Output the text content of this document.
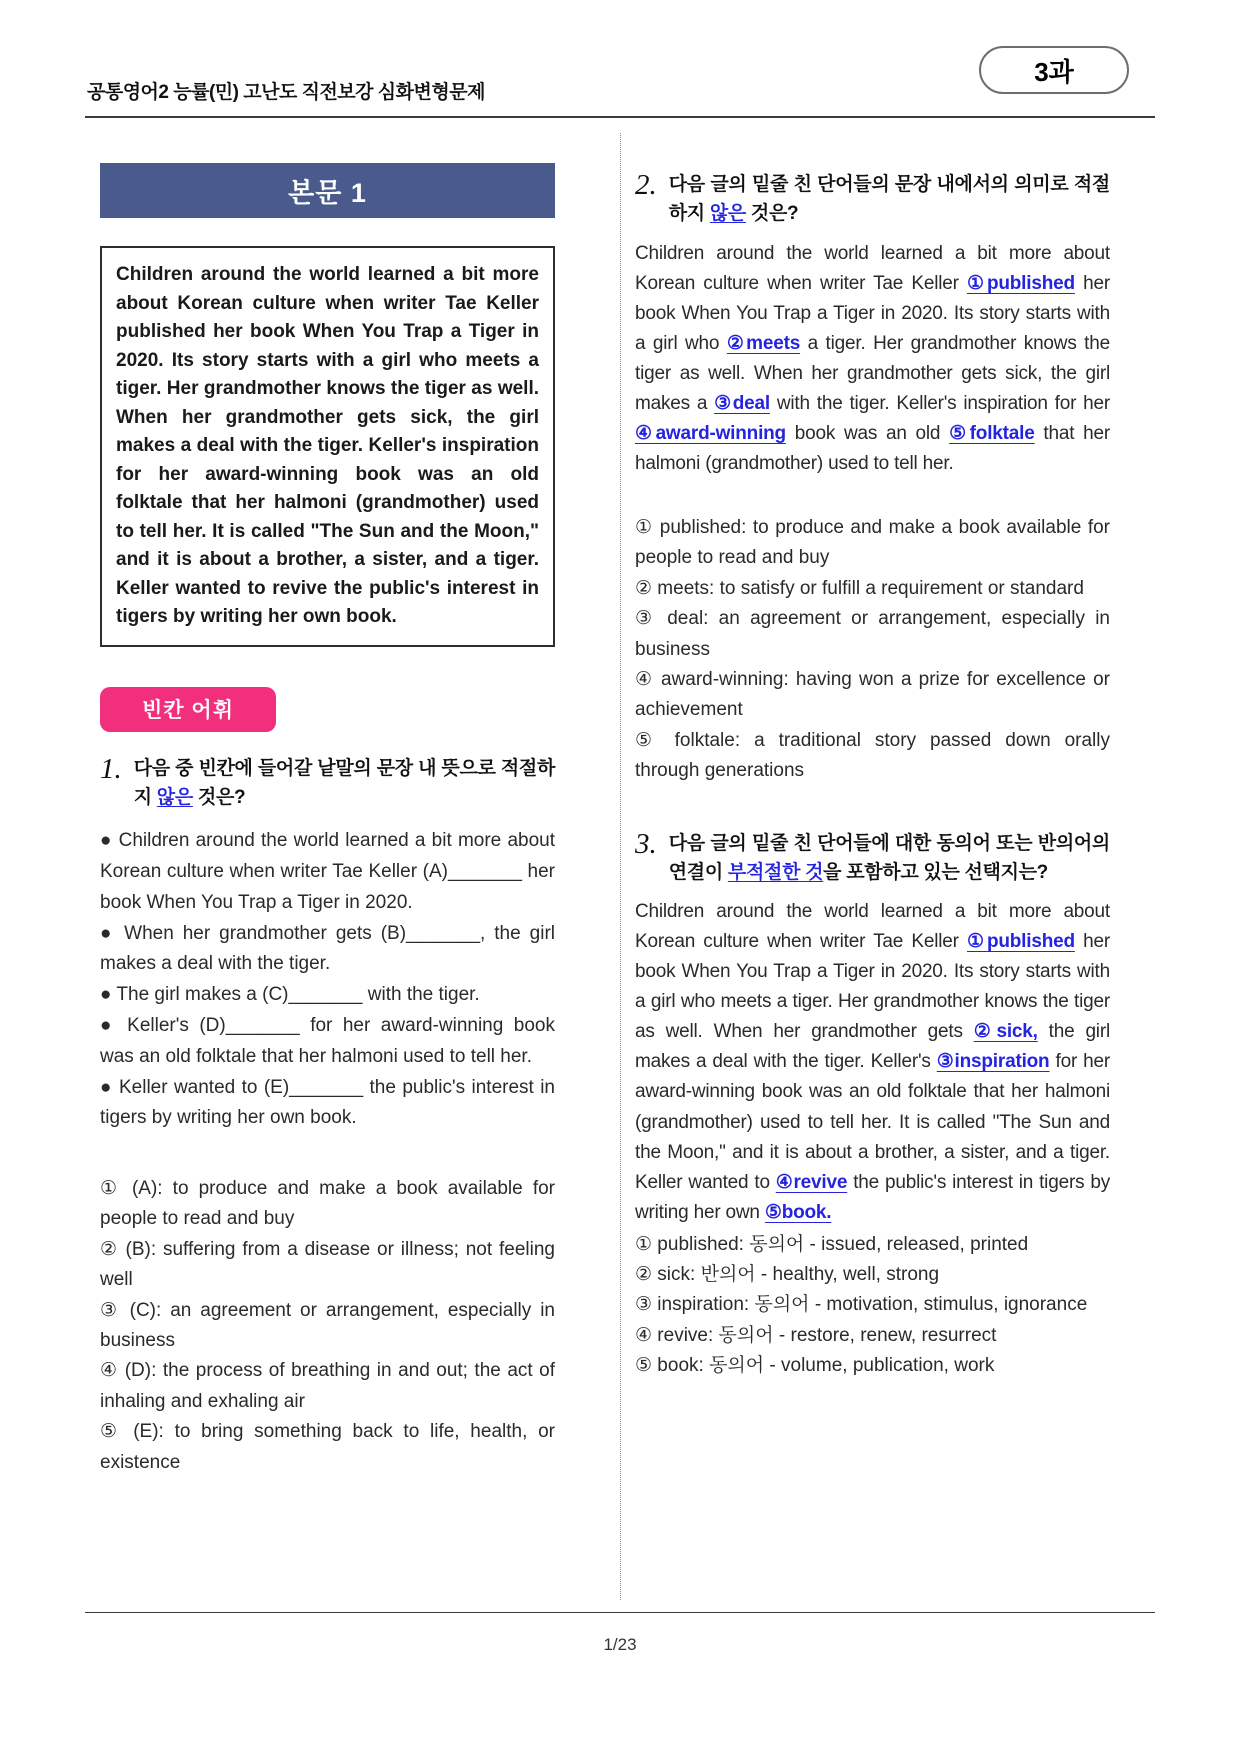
공통영어2 능률(민) 고난도 직전보강 심화변형문제
3과
본문 1
Children around the world learned a bit more about Korean culture when writer Tae Keller published her book When You Trap a Tiger in 2020. Its story starts with a girl who meets a tiger. Her grandmother knows the tiger as well. When her grandmother gets sick, the girl makes a deal with the tiger. Keller's inspiration for her award-winning book was an old folktale that her halmoni (grandmother) used to tell her. It is called "The Sun and the Moon," and it is about a brother, a sister, and a tiger. Keller wanted to revive the public's interest in tigers by writing her own book.
빈칸 어휘
1. 다음 중 빈칸에 들어갈 낱말의 문장 내 뜻으로 적절하지 않은 것은?
● Children around the world learned a bit more about Korean culture when writer Tae Keller (A)_______ her book When You Trap a Tiger in 2020.
● When her grandmother gets (B)_______, the girl makes a deal with the tiger.
● The girl makes a (C)_______ with the tiger.
● Keller's (D)_______ for her award-winning book was an old folktale that her halmoni used to tell her.
● Keller wanted to (E)_______ the public's interest in tigers by writing her own book.
① (A): to produce and make a book available for people to read and buy
② (B): suffering from a disease or illness; not feeling well
③ (C): an agreement or arrangement, especially in business
④ (D): the process of breathing in and out; the act of inhaling and exhaling air
⑤ (E): to bring something back to life, health, or existence
2. 다음 글의 밑줄 친 단어들의 문장 내에서의 의미로 적절하지 않은 것은?
Children around the world learned a bit more about Korean culture when writer Tae Keller ①published her book When You Trap a Tiger in 2020. Its story starts with a girl who ②meets a tiger. Her grandmother knows the tiger as well. When her grandmother gets sick, the girl makes a ③deal with the tiger. Keller's inspiration for her ④award-winning book was an old ⑤folktale that her halmoni (grandmother) used to tell her.
① published: to produce and make a book available for people to read and buy
② meets: to satisfy or fulfill a requirement or standard
③ deal: an agreement or arrangement, especially in business
④ award-winning: having won a prize for excellence or achievement
⑤ folktale: a traditional story passed down orally through generations
3. 다음 글의 밑줄 친 단어들에 대한 동의어 또는 반의어의 연결이 부적절한 것을 포함하고 있는 선택지는?
Children around the world learned a bit more about Korean culture when writer Tae Keller ①published her book When You Trap a Tiger in 2020. Its story starts with a girl who meets a tiger. Her grandmother knows the tiger as well. When her grandmother gets ②sick, the girl makes a deal with the tiger. Keller's ③inspiration for her award-winning book was an old folktale that her halmoni (grandmother) used to tell her. It is called "The Sun and the Moon," and it is about a brother, a sister, and a tiger. Keller wanted to ④revive the public's interest in tigers by writing her own ⑤book.
① published: 동의어 - issued, released, printed
② sick: 반의어 - healthy, well, strong
③ inspiration: 동의어 - motivation, stimulus, ignorance
④ revive: 동의어 - restore, renew, resurrect
⑤ book: 동의어 - volume, publication, work
1/23
